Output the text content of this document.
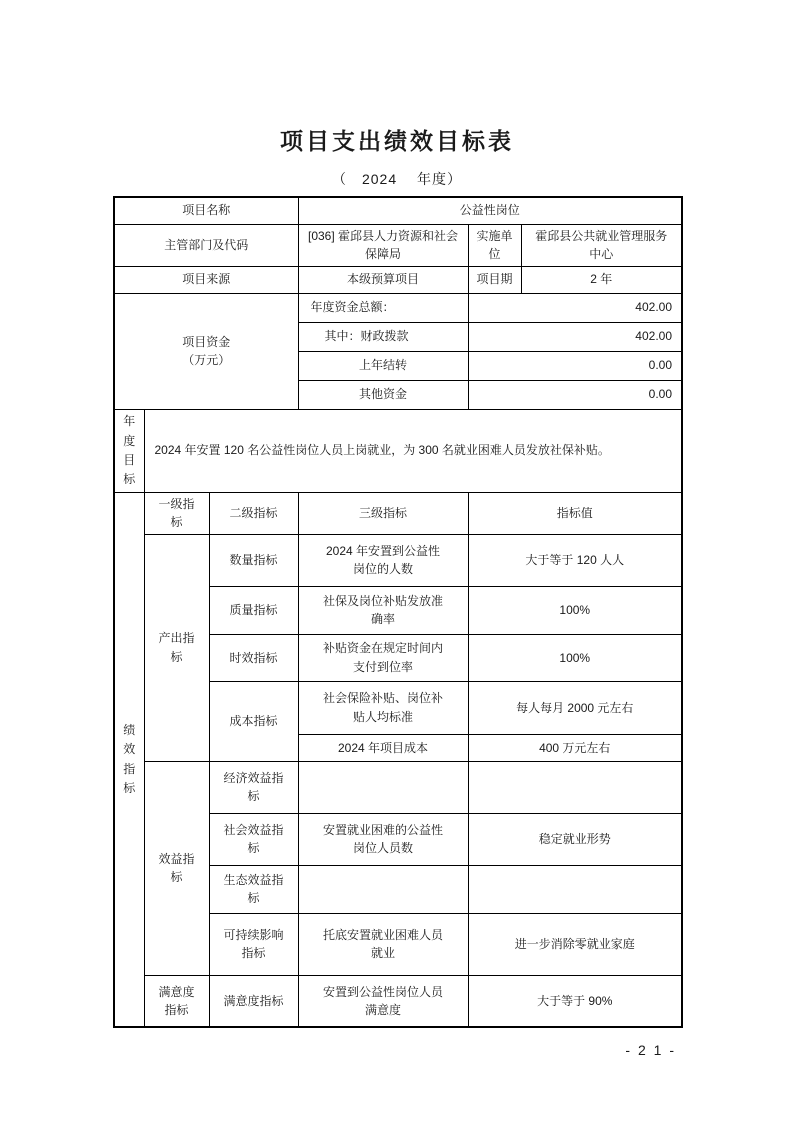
项目支出绩效目标表
（　2024　 年度）
项目名称			公益性岗位		
主管部门及代码			[036] 霍邱县人力资源和社会保障局	实施单位	霍邱县公共就业管理服务中心
项目来源			本级预算项目	项目期	2 年

项目资金
（万元）			年度资金总额：	402.00	
			其中：财政拨款	402.00	
			上年结转	0.00	
			其他资金	0.00	

年度目标	2024 年安置 120 名公益性岗位人员上岗就业，为 300 名就业困难人员发放社保补贴。				

绩效指标	一级指标	二级指标	三级指标	指标值	
	产出指标	数量指标	2024 年安置到公益性岗位的人数	大于等于 120 人人	
		质量指标	社保及岗位补贴发放准确率	100%	
		时效指标	补贴资金在规定时间内支付到位率	100%	
		成本指标	社会保险补贴、岗位补贴人均标准	每人每月 2000 元左右	
			2024 年项目成本	400 万元左右	
	效益指标	经济效益指标			
		社会效益指标	安置就业困难的公益性岗位人员数	稳定就业形势	
		生态效益指标			
		可持续影响指标	托底安置就业困难人员就业	进一步消除零就业家庭	
	满意度指标	满意度指标	安置到公益性岗位人员满意度	大于等于 90%	
- 2 1 -
